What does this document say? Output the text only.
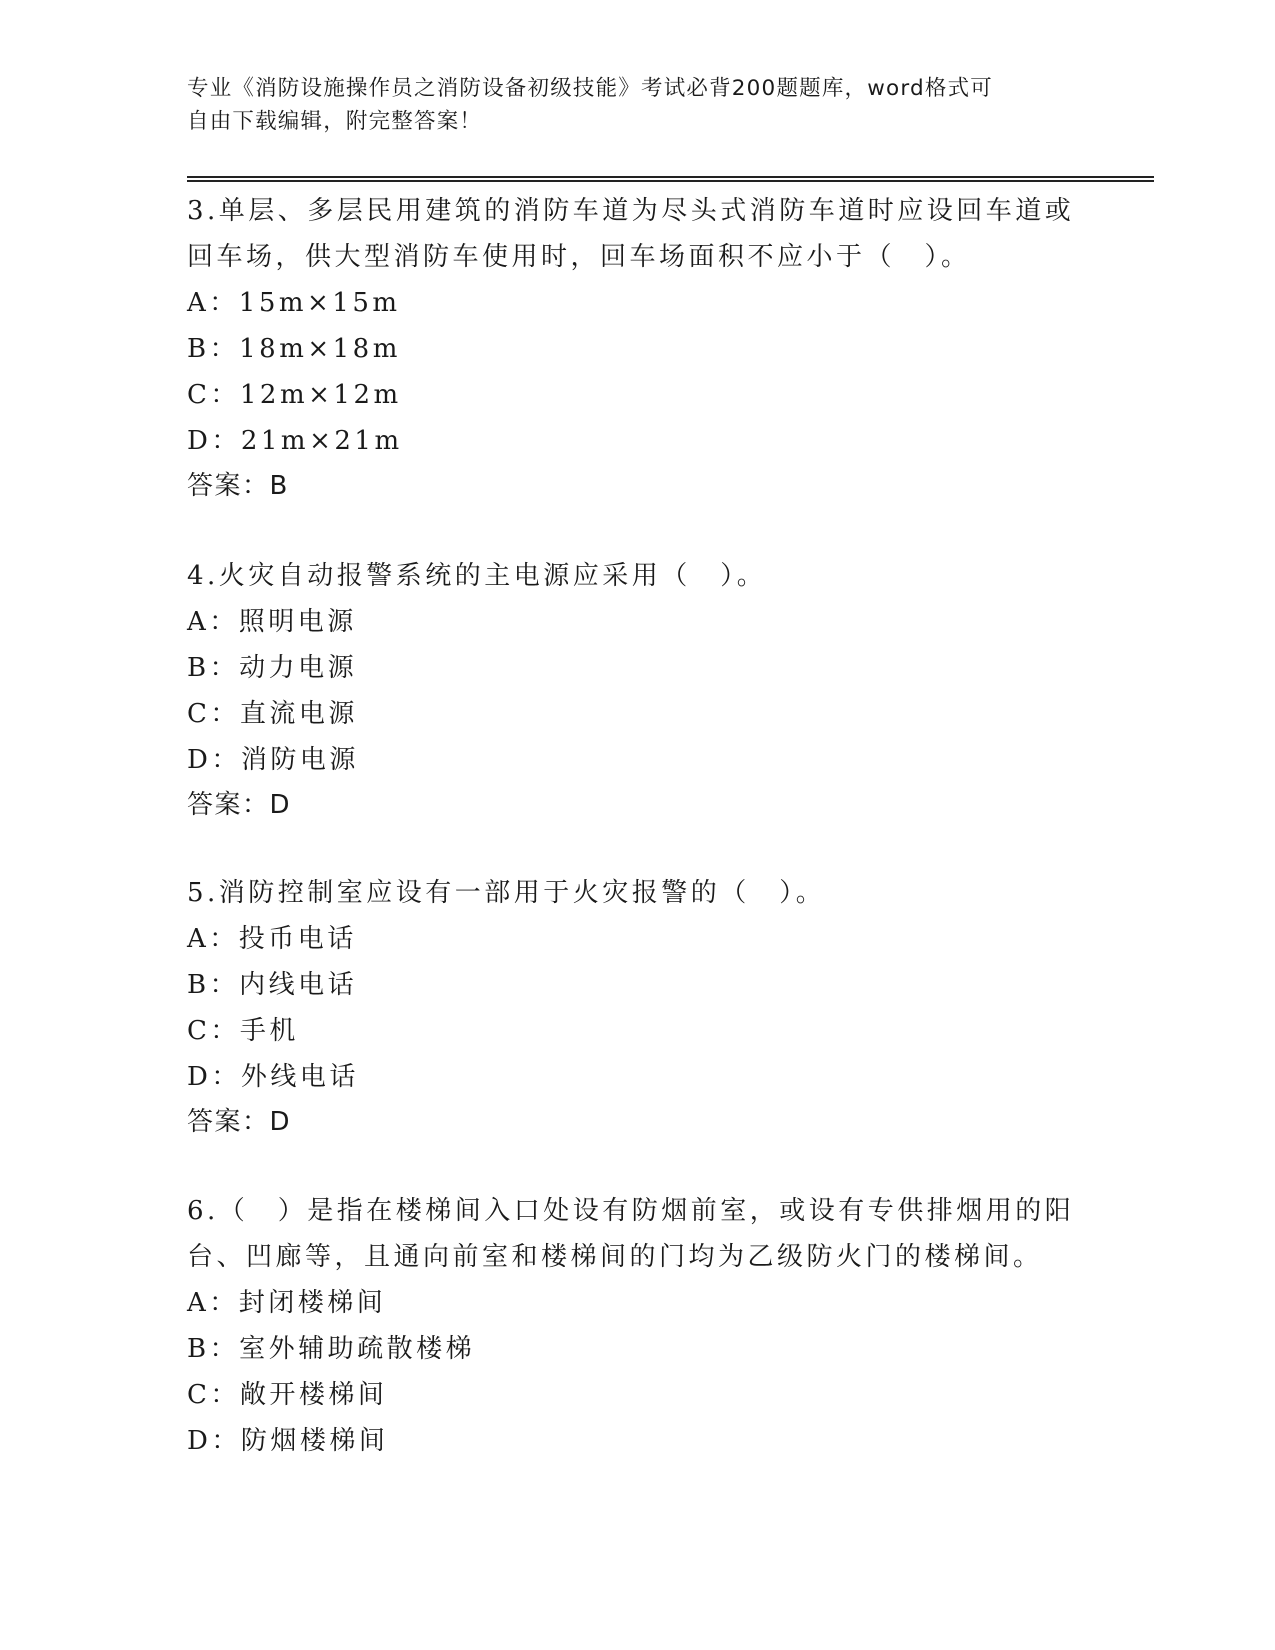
专业《消防设施操作员之消防设备初级技能》考试必背200题题库，word格式可

自由下载编辑，附完整答案！

3.单层、多层民用建筑的消防车道为尽头式消防车道时应设回车道或

回车场，供大型消防车使用时，回车场面积不应小于（　）。

A：15m×15m

B：18m×18m

C：12m×12m

D：21m×21m

答案：B

4.火灾自动报警系统的主电源应采用（　）。

A：照明电源

B：动力电源

C：直流电源

D：消防电源

答案：D

5.消防控制室应设有一部用于火灾报警的（　）。

A：投币电话

B：内线电话

C：手机

D：外线电话

答案：D

6.（　）是指在楼梯间入口处设有防烟前室，或设有专供排烟用的阳

台、凹廊等，且通向前室和楼梯间的门均为乙级防火门的楼梯间。

A：封闭楼梯间

B：室外辅助疏散楼梯

C：敞开楼梯间

D：防烟楼梯间
